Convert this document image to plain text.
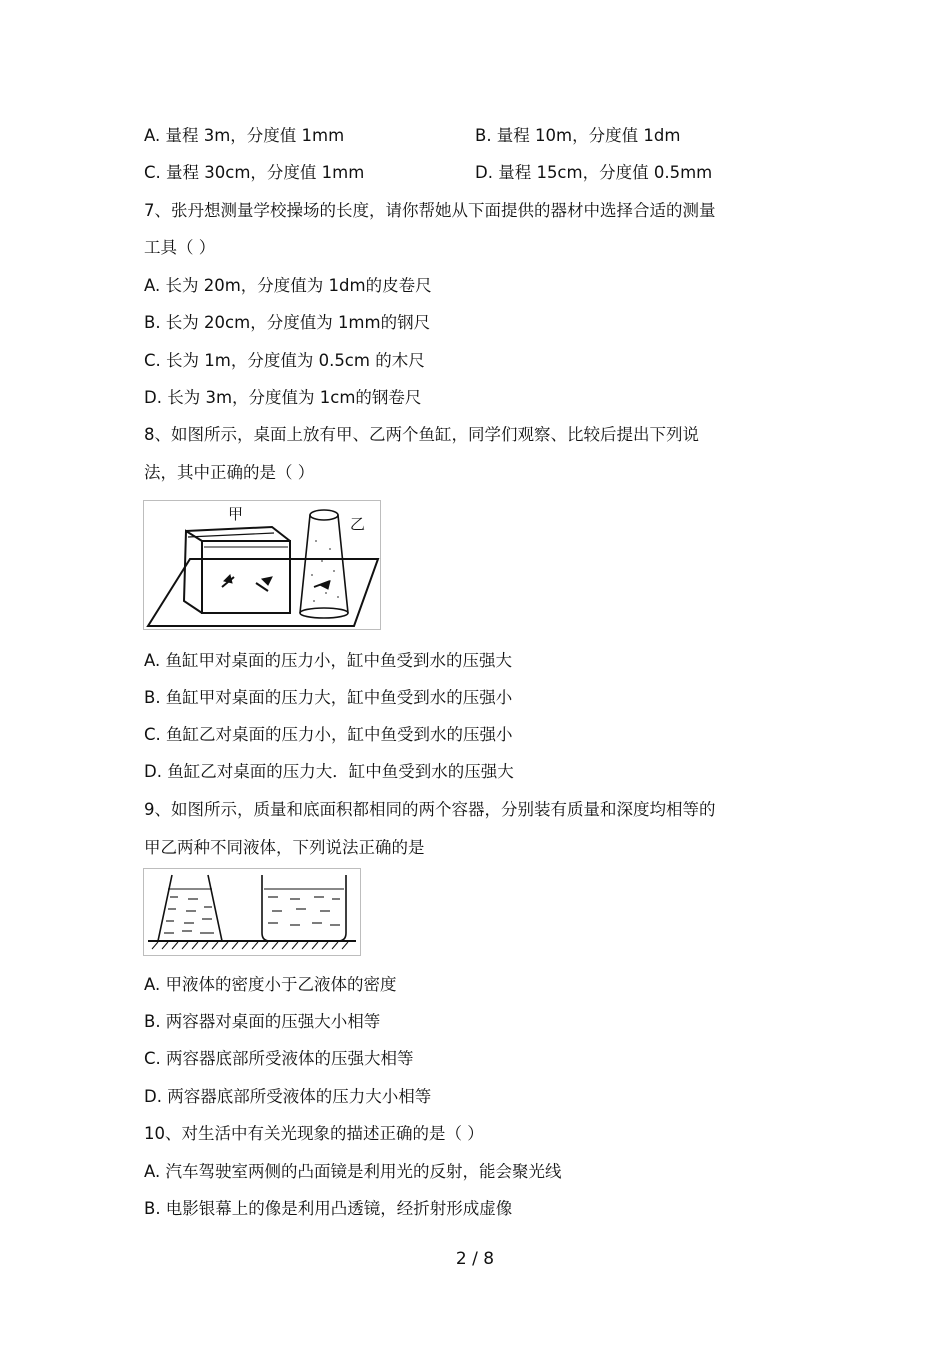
A. 量程 3m，分度值 1mm	B. 量程 10m，分度值 1dm
C. 量程 30cm，分度值 1mm	D. 量程 15cm，分度值 0.5mm
7、张丹想测量学校操场的长度，请你帮她从下面提供的器材中选择合适的测量
工具（ ）
A. 长为 20m，分度值为 1dm的皮卷尺
B. 长为 20cm，分度值为 1mm的钢尺
C. 长为 1m，分度值为 0.5cm 的木尺
D. 长为 3m，分度值为 1cm的钢卷尺
8、如图所示，桌面上放有甲、乙两个鱼缸，同学们观察、比较后提出下列说
法，其中正确的是（ ）
甲
乙
A. 鱼缸甲对桌面的压力小，缸中鱼受到水的压强大
B. 鱼缸甲对桌面的压力大，缸中鱼受到水的压强小
C. 鱼缸乙对桌面的压力小，缸中鱼受到水的压强小
D. 鱼缸乙对桌面的压力大．缸中鱼受到水的压强大
9、如图所示，质量和底面积都相同的两个容器，分别装有质量和深度均相等的
甲乙两种不同液体，下列说法正确的是
A. 甲液体的密度小于乙液体的密度
B. 两容器对桌面的压强大小相等
C. 两容器底部所受液体的压强大相等
D. 两容器底部所受液体的压力大小相等
10、对生活中有关光现象的描述正确的是（ ）
A. 汽车驾驶室两侧的凸面镜是利用光的反射，能会聚光线
B. 电影银幕上的像是利用凸透镜，经折射形成虚像
2 / 8
